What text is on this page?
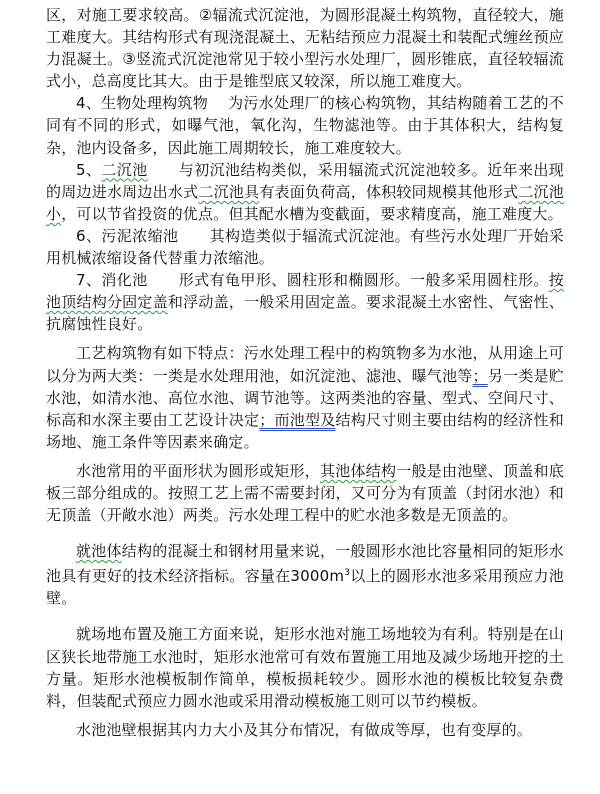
区，对施工要求较高。②辐流式沉淀池，为圆形混凝土构筑物，直径较大，施工难度大。其结构形式有现浇混凝土、无粘结预应力混凝土和装配式缠丝预应力混凝土。③竖流式沉淀池常见于较小型污水处理厂，圆形锥底，直径较辐流式小，总高度比其大。由于是锥型底又较深，所以施工难度大。

4、生物处理构筑物 为污水处理厂的核心构筑物，其结构随着工艺的不同有不同的形式，如曝气池，氧化沟，生物滤池等。由于其体积大，结构复杂，池内设备多，因此施工周期较长，施工难度较大。

5、二沉池 与初沉池结构类似，采用辐流式沉淀池较多。近年来出现的周边进水周边出水式二沉池具有表面负荷高，体积较同规模其他形式二沉池小，可以节省投资的优点。但其配水槽为变截面，要求精度高，施工难度大。

6、污泥浓缩池 其构造类似于辐流式沉淀池。有些污水处理厂开始采用机械浓缩设备代替重力浓缩池。

7、消化池 形式有龟甲形、圆柱形和椭圆形。一般多采用圆柱形。按池顶结构分固定盖和浮动盖，一般采用固定盖。要求混凝土水密性、气密性、抗腐蚀性良好。

工艺构筑物有如下特点：污水处理工程中的构筑物多为水池，从用途上可以分为两大类：一类是水处理用池，如沉淀池、滤池、曝气池等；另一类是贮水池，如清水池、高位水池、调节池等。这两类池的容量、型式、空间尺寸、标高和水深主要由工艺设计决定；而池型及结构尺寸则主要由结构的经济性和场地、施工条件等因素来确定。

水池常用的平面形状为圆形或矩形，其池体结构一般是由池壁、顶盖和底板三部分组成的。按照工艺上需不需要封闭，又可分为有顶盖（封闭水池）和无顶盖（开敞水池）两类。污水处理工程中的贮水池多数是无顶盖的。

就池体结构的混凝土和钢材用量来说，一般圆形水池比容量相同的矩形水池具有更好的技术经济指标。容量在$3000m^3$以上的圆形水池多采用预应力池壁。

就场地布置及施工方面来说，矩形水池对施工场地较为有利。特别是在山区狭长地带施工水池时，矩形水池常可有效布置施工用地及减少场地开挖的土方量。矩形水池模板制作简单，模板损耗较少。圆形水池的模板比较复杂费料，但装配式预应力圆水池或采用滑动模板施工则可以节约模板。

水池池壁根据其内力大小及其分布情况，有做成等厚，也有变厚的。
